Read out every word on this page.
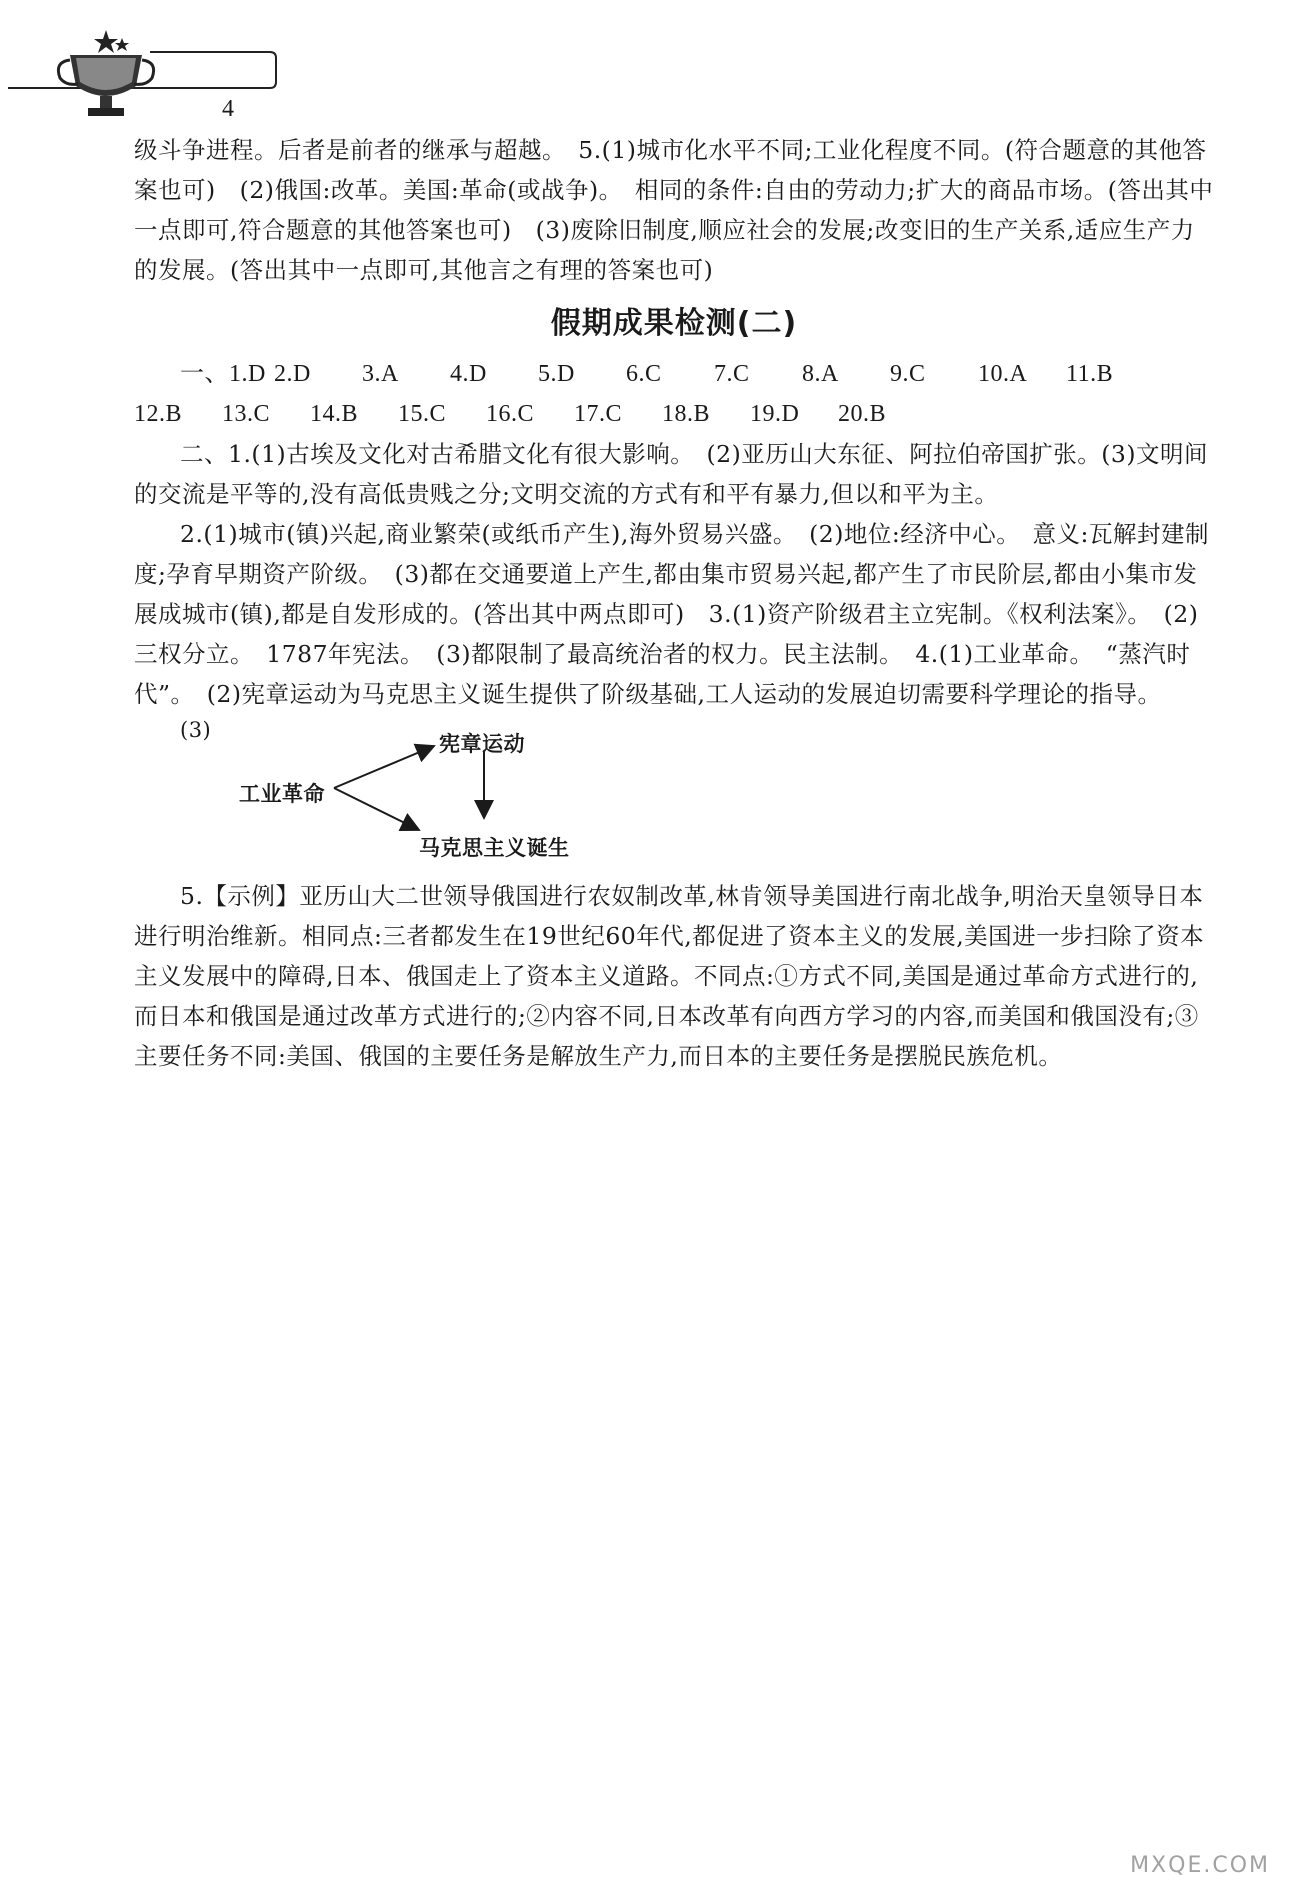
4

级斗争进程。后者是前者的继承与超越。　5.(1)城市化水平不同;工业化程度不同。(符合题意的其他答案也可)　(2)俄国:改革。美国:革命(或战争)。　相同的条件:自由的劳动力;扩大的商品市场。(答出其中一点即可,符合题意的其他答案也可)　(3)废除旧制度,顺应社会的发展;改变旧的生产关系,适应生产力的发展。(答出其中一点即可,其他言之有理的答案也可)

假期成果检测(二)

一、1.D 2.D	3.A	4.D	5.D	6.C	7.C	8.A	9.C	10.A	11.B
12.B	13.C	14.B	15.C	16.C	17.C	18.B	19.D	20.B

二、1.(1)古埃及文化对古希腊文化有很大影响。　(2)亚历山大东征、阿拉伯帝国扩张。(3)文明间的交流是平等的,没有高低贵贱之分;文明交流的方式有和平有暴力,但以和平为主。

2.(1)城市(镇)兴起,商业繁荣(或纸币产生),海外贸易兴盛。　(2)地位:经济中心。　意义:瓦解封建制度;孕育早期资产阶级。　(3)都在交通要道上产生,都由集市贸易兴起,都产生了市民阶层,都由小集市发展成城市(镇),都是自发形成的。(答出其中两点即可)　3.(1)资产阶级君主立宪制。《权利法案》。　(2)三权分立。　1787年宪法。　(3)都限制了最高统治者的权力。民主法制。　4.(1)工业革命。　“蒸汽时代”。　(2)宪章运动为马克思主义诞生提供了阶级基础,工人运动的发展迫切需要科学理论的指导。

(3)
工业革命
宪章运动
马克思主义诞生

5.【示例】亚历山大二世领导俄国进行农奴制改革,林肯领导美国进行南北战争,明治天皇领导日本进行明治维新。相同点:三者都发生在19世纪60年代,都促进了资本主义的发展,美国进一步扫除了资本主义发展中的障碍,日本、俄国走上了资本主义道路。不同点:①方式不同,美国是通过革命方式进行的,而日本和俄国是通过改革方式进行的;②内容不同,日本改革有向西方学习的内容,而美国和俄国没有;③主要任务不同:美国、俄国的主要任务是解放生产力,而日本的主要任务是摆脱民族危机。

MXQE.COM
